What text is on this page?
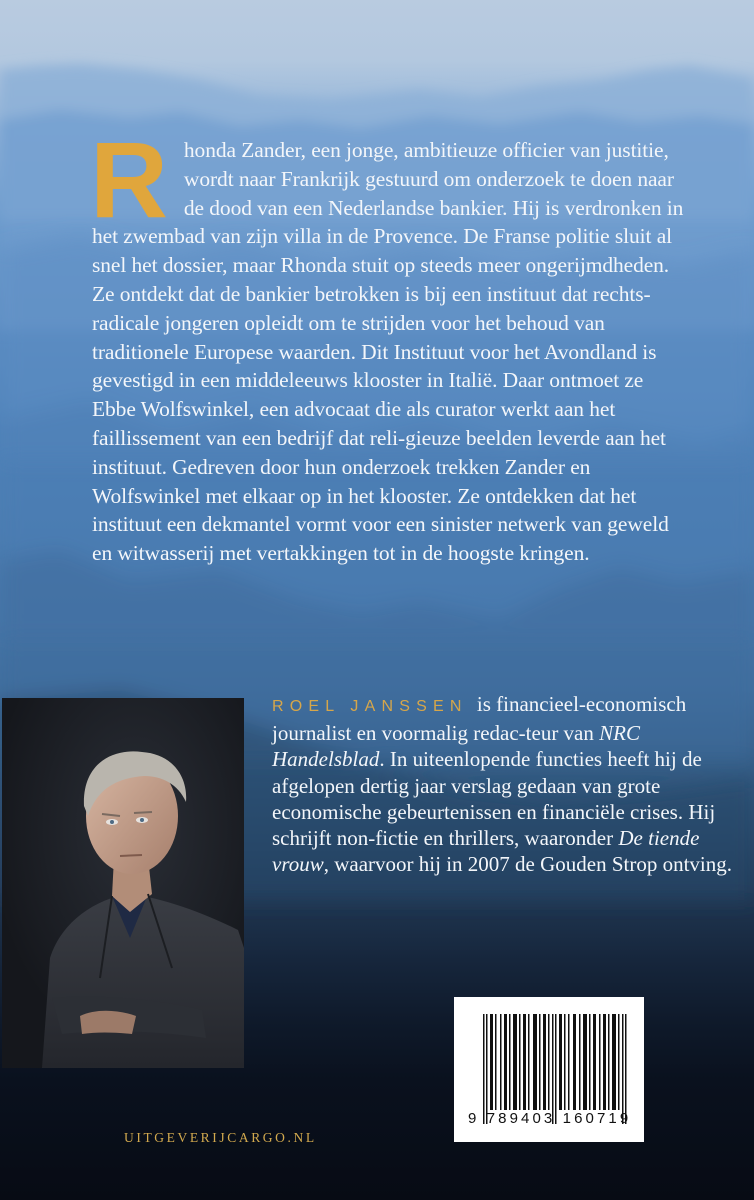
Rhonda Zander, een jonge, ambitieuze officier van justitie, wordt naar Frankrijk gestuurd om onderzoek te doen naar de dood van een Nederlandse bankier. Hij is verdronken in het zwembad van zijn villa in de Provence. De Franse politie sluit al snel het dossier, maar Rhonda stuit op steeds meer ongerijmdheden.

Ze ontdekt dat de bankier betrokken is bij een instituut dat rechts-radicale jongeren opleidt om te strijden voor het behoud van traditionele Europese waarden. Dit Instituut voor het Avondland is gevestigd in een middeleeuws klooster in Italië. Daar ontmoet ze Ebbe Wolfswinkel, een advocaat die als curator werkt aan het faillissement van een bedrijf dat reli-gieuze beelden leverde aan het instituut. Gedreven door hun onderzoek trekken Zander en Wolfswinkel met elkaar op in het klooster. Ze ontdekken dat het instituut een dekmantel vormt voor een sinister netwerk van geweld en witwasserij met vertakkingen tot in de hoogste kringen.

ROEL JANSSEN is financieel-economisch journalist en voormalig redac-teur van NRC Handelsblad. In uiteenlopende functies heeft hij de afgelopen dertig jaar verslag gedaan van grote economische gebeurtenissen en financiële crises. Hij schrijft non-fictie en thrillers, waaronder De tiende vrouw, waarvoor hij in 2007 de Gouden Strop ontving.

9 789403 160719
UITGEVERIJCARGO.NL
